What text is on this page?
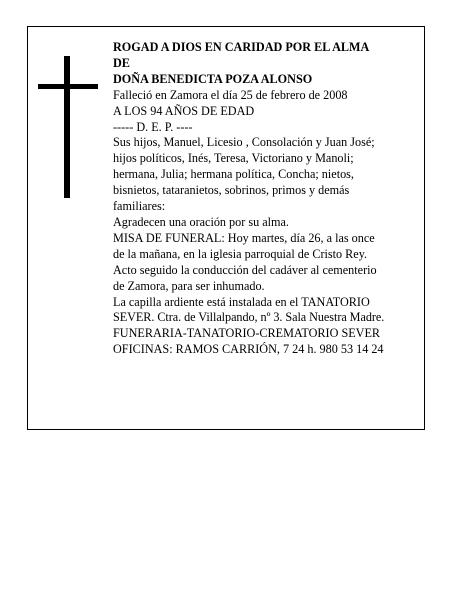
ROGAD A DIOS EN CARIDAD POR EL ALMA

DE

DOÑA BENEDICTA POZA ALONSO

Falleció en Zamora el día 25 de febrero de 2008

A LOS 94 AÑOS DE EDAD

----- D. E. P. ----

Sus hijos, Manuel, Licesio , Consolación y Juan José;

hijos políticos, Inés, Teresa, Victoriano y Manoli;

hermana, Julia; hermana política, Concha; nietos,

bisnietos, tataranietos, sobrinos, primos y demás

familiares:

Agradecen una oración por su alma.

MISA DE FUNERAL: Hoy martes, día 26, a las once

de la mañana, en la iglesia parroquial de Cristo Rey.

Acto seguido la conducción del cadáver al cementerio

de Zamora, para ser inhumado.

La capilla ardiente está instalada en el TANATORIO

SEVER. Ctra. de Villalpando, nº 3. Sala Nuestra Madre.

FUNERARIA-TANATORIO-CREMATORIO SEVER

OFICINAS: RAMOS CARRIÓN, 7 24 h. 980 53 14 24
